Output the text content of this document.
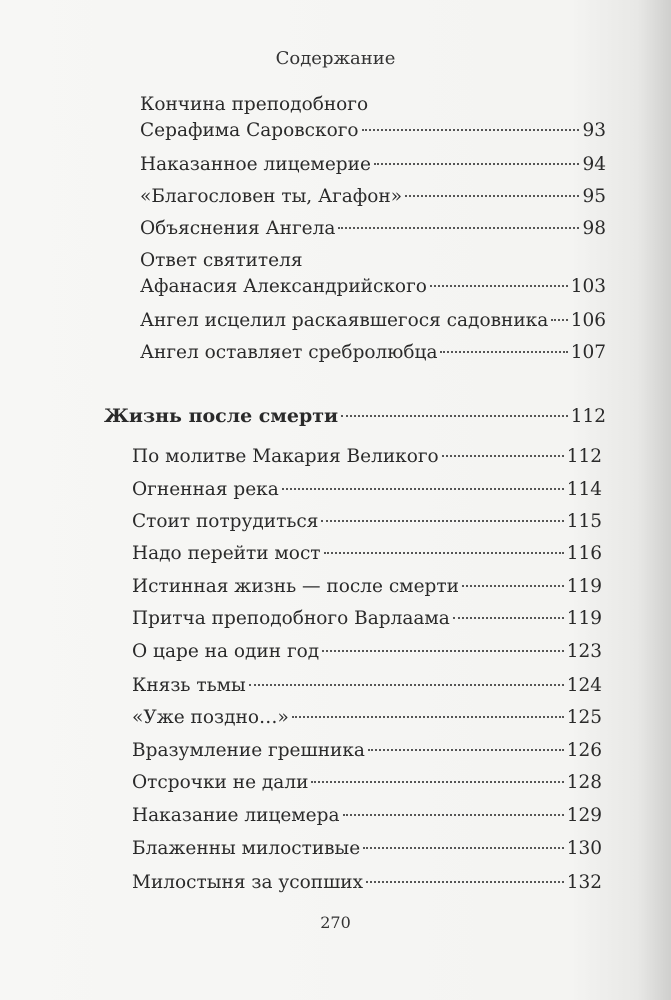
Содержание
Кончина преподобного
Серафима Саровского	93
Наказанное лицемерие	94
«Благословен ты, Агафон»	95
Объяснения Ангела	98
Ответ святителя
Афанасия Александрийского	103
Ангел исцелил раскаявшегося садовника 106
Ангел оставляет сребролюбца	107
Жизнь после смерти	112
По молитве Макария Великого	112
Огненная река	114
Стоит потрудиться	115
Надо перейти мост	116
Истинная жизнь — после смерти	119
Притча преподобного Варлаама	119
О царе на один год	123
Князь тьмы	124
«Уже поздно…»	125
Вразумление грешника	126
Отсрочки не дали	128
Наказание лицемера	129
Блаженны милостивые	130
Милостыня за усопших	132
270
